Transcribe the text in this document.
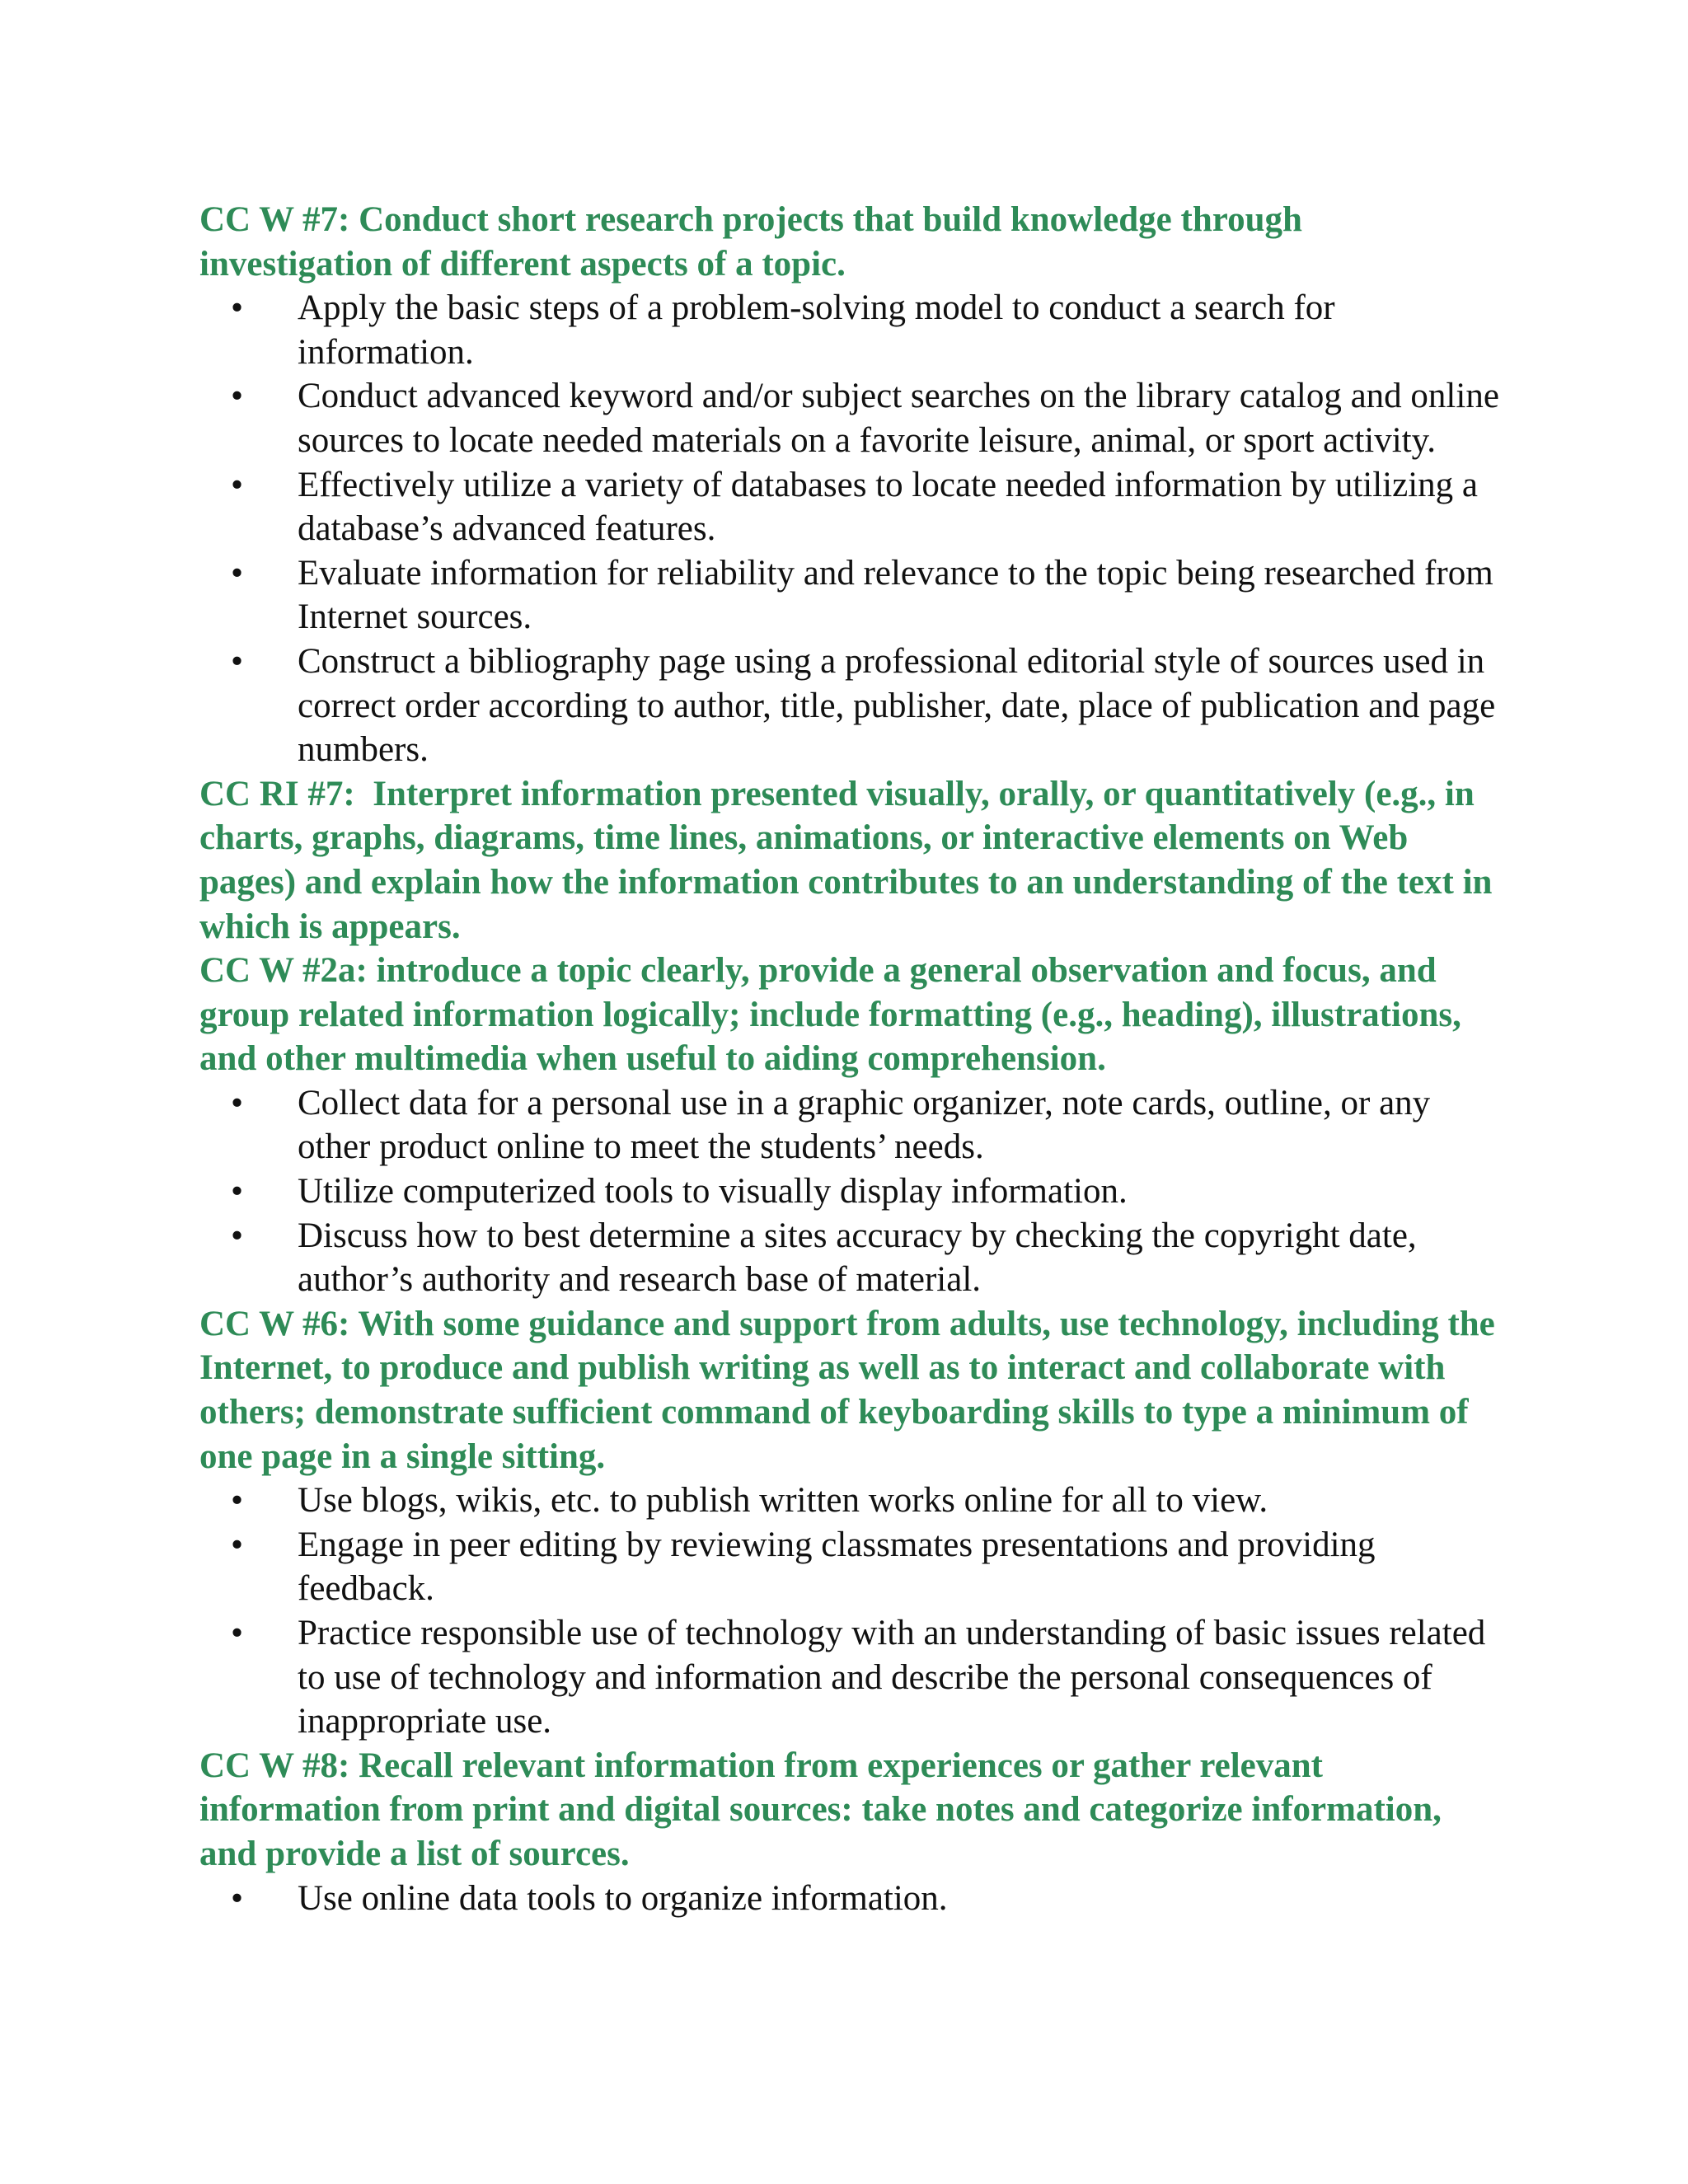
CC W #7: Conduct short research projects that build knowledge through investigation of different aspects of a topic.

• Apply the basic steps of a problem-solving model to conduct a search for information.
• Conduct advanced keyword and/or subject searches on the library catalog and online sources to locate needed materials on a favorite leisure, animal, or sport activity.
• Effectively utilize a variety of databases to locate needed information by utilizing a database’s advanced features.
• Evaluate information for reliability and relevance to the topic being researched from Internet sources.
• Construct a bibliography page using a professional editorial style of sources used in correct order according to author, title, publisher, date, place of publication and page numbers.

CC RI #7:  Interpret information presented visually, orally, or quantitatively (e.g., in charts, graphs, diagrams, time lines, animations, or interactive elements on Web pages) and explain how the information contributes to an understanding of the text in which is appears.

CC W #2a: introduce a topic clearly, provide a general observation and focus, and group related information logically; include formatting (e.g., heading), illustrations, and other multimedia when useful to aiding comprehension.

• Collect data for a personal use in a graphic organizer, note cards, outline, or any other product online to meet the students’ needs.
• Utilize computerized tools to visually display information.
• Discuss how to best determine a sites accuracy by checking the copyright date, author’s authority and research base of material.

CC W #6: With some guidance and support from adults, use technology, including the Internet, to produce and publish writing as well as to interact and collaborate with others; demonstrate sufficient command of keyboarding skills to type a minimum of one page in a single sitting.

• Use blogs, wikis, etc. to publish written works online for all to view.
• Engage in peer editing by reviewing classmates presentations and providing feedback.
• Practice responsible use of technology with an understanding of basic issues related to use of technology and information and describe the personal consequences of inappropriate use.

CC W #8: Recall relevant information from experiences or gather relevant information from print and digital sources: take notes and categorize information, and provide a list of sources.

• Use online data tools to organize information.
